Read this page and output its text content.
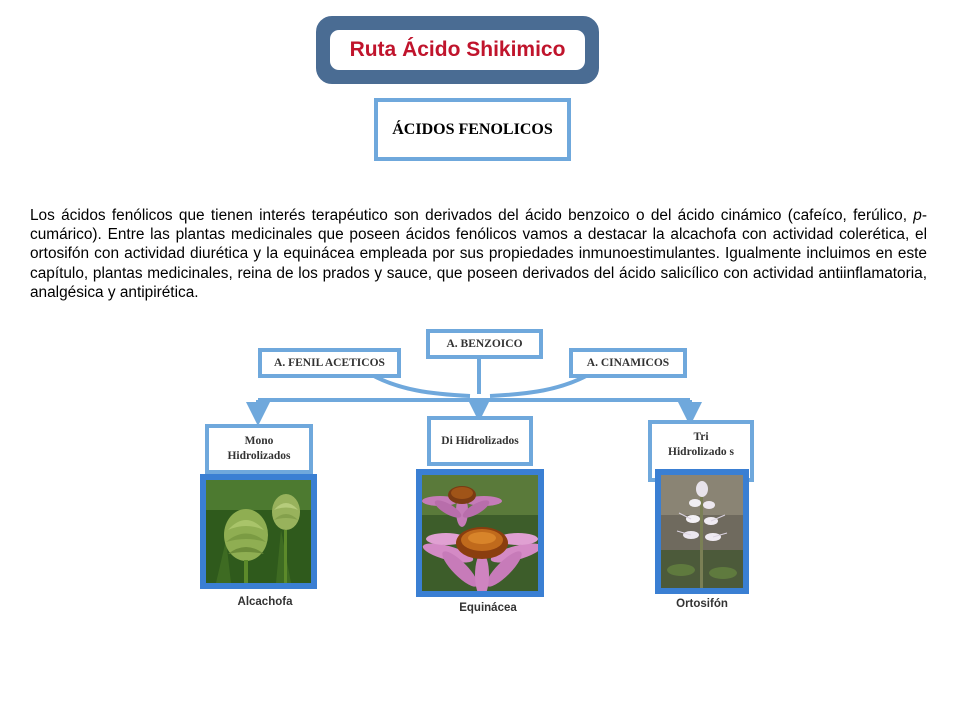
Ruta Ácido Shikimico
ÁCIDOS FENOLICOS
Los ácidos fenólicos que tienen interés terapéutico son derivados del ácido benzoico o del ácido cinámico (cafeíco, ferúlico, p-cumárico). Entre las plantas medicinales que poseen ácidos fenólicos vamos a destacar la alcachofa con actividad colerética, el ortosifón con actividad diurética y la equinácea empleada por sus propiedades inmunoestimulantes. Igualmente incluimos en este capítulo, plantas medicinales, reina de los prados y sauce, que poseen derivados del ácido salicílico con actividad antiinflamatoria, analgésica y antipirética.
A. BENZOICO
A. FENIL ACETICOS	A. CINAMICOS
Mono Hidrolizados
Di Hidrolizados	Tri Hidrolizado s
Alcachofa	Equinácea	Ortosifón
